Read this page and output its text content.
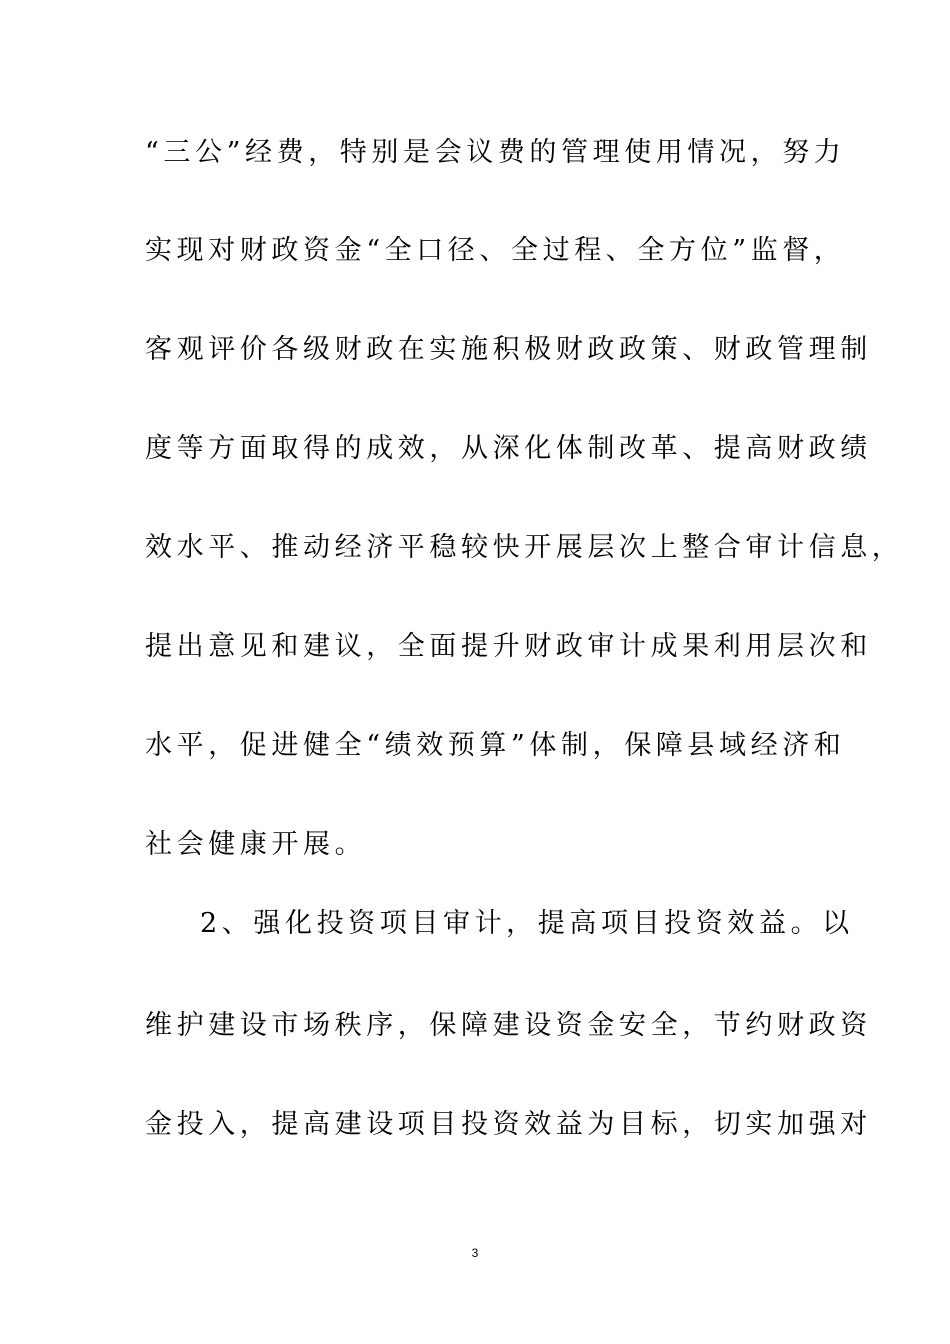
“三公”经费，特别是会议费的管理使用情况，努力
实现对财政资金“全口径、全过程、全方位”监督，
客观评价各级财政在实施积极财政政策、财政管理制
度等方面取得的成效，从深化体制改革、提高财政绩
效水平、推动经济平稳较快开展层次上整合审计信息，
提出意见和建议，全面提升财政审计成果利用层次和
水平，促进健全“绩效预算”体制，保障县域经济和
社会健康开展。
2、强化投资项目审计，提高项目投资效益。以
维护建设市场秩序，保障建设资金安全，节约财政资
金投入，提高建设项目投资效益为目标，切实加强对
3
